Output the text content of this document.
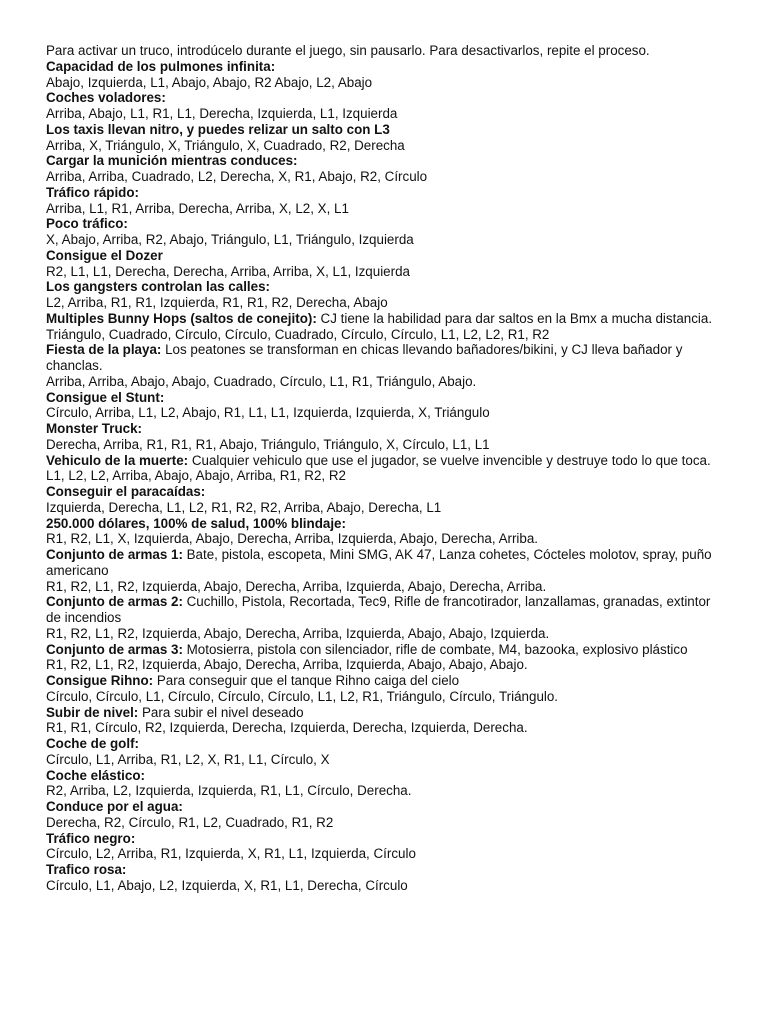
Para activar un truco, introdúcelo durante el juego, sin pausarlo. Para desactivarlos, repite el proceso.

Capacidad de los pulmones infinita:

Abajo, Izquierda, L1, Abajo, Abajo, R2 Abajo, L2, Abajo

Coches voladores:

Arriba, Abajo, L1, R1, L1, Derecha, Izquierda, L1, Izquierda

Los taxis llevan nitro, y puedes relizar un salto con L3

Arriba, X, Triángulo, X, Triángulo, X, Cuadrado, R2, Derecha

Cargar la munición mientras conduces:

Arriba, Arriba, Cuadrado, L2, Derecha, X, R1, Abajo, R2, Círculo

Tráfico rápido:

Arriba, L1, R1, Arriba, Derecha, Arriba, X, L2, X, L1

Poco tráfico:

X, Abajo, Arriba, R2, Abajo, Triángulo, L1, Triángulo, Izquierda

Consigue el Dozer

R2, L1, L1, Derecha, Derecha, Arriba, Arriba, X, L1, Izquierda

Los gangsters controlan las calles:

L2, Arriba, R1, R1, Izquierda, R1, R1, R2, Derecha, Abajo

Multiples Bunny Hops (saltos de conejito): CJ tiene la habilidad para dar saltos en la Bmx a mucha distancia.

Triángulo, Cuadrado, Círculo, Círculo, Cuadrado, Círculo, Círculo, L1, L2, L2, R1, R2

Fiesta de la playa: Los peatones se transforman en chicas llevando bañadores/bikini, y CJ lleva bañador y chanclas.

Arriba, Arriba, Abajo, Abajo, Cuadrado, Círculo, L1, R1, Triángulo, Abajo.

Consigue el Stunt:

Círculo, Arriba, L1, L2, Abajo, R1, L1, L1, Izquierda, Izquierda, X, Triángulo

Monster Truck:

Derecha, Arriba, R1, R1, R1, Abajo, Triángulo, Triángulo, X, Círculo, L1, L1

Vehiculo de la muerte: Cualquier vehiculo que use el jugador, se vuelve invencible y destruye todo lo que toca.

L1, L2, L2, Arriba, Abajo, Abajo, Arriba, R1, R2, R2

Conseguir el paracaídas:

Izquierda, Derecha, L1, L2, R1, R2, R2, Arriba, Abajo, Derecha, L1

250.000 dólares, 100% de salud, 100% blindaje:

R1, R2, L1, X, Izquierda, Abajo, Derecha, Arriba, Izquierda, Abajo, Derecha, Arriba.

Conjunto de armas 1: Bate, pistola, escopeta, Mini SMG, AK 47, Lanza cohetes, Cócteles molotov, spray, puño americano

R1, R2, L1, R2, Izquierda, Abajo, Derecha, Arriba, Izquierda, Abajo, Derecha, Arriba.

Conjunto de armas 2: Cuchillo, Pistola, Recortada, Tec9, Rifle de francotirador, lanzallamas, granadas, extintor de incendios

R1, R2, L1, R2, Izquierda, Abajo, Derecha, Arriba, Izquierda, Abajo, Abajo, Izquierda.

Conjunto de armas 3: Motosierra, pistola con silenciador, rifle de combate, M4, bazooka, explosivo plástico

R1, R2, L1, R2, Izquierda, Abajo, Derecha, Arriba, Izquierda, Abajo, Abajo, Abajo.

Consigue Rihno: Para conseguir que el tanque Rihno caiga del cielo

Círculo, Círculo, L1, Círculo, Círculo, Círculo, L1, L2, R1, Triángulo, Círculo, Triángulo.

Subir de nivel: Para subir el nivel deseado

R1, R1, Círculo, R2, Izquierda, Derecha, Izquierda, Derecha, Izquierda, Derecha.

Coche de golf:

Círculo, L1, Arriba, R1, L2, X, R1, L1, Círculo, X

Coche elástico:

R2, Arriba, L2, Izquierda, Izquierda, R1, L1, Círculo, Derecha.

Conduce por el agua:

Derecha, R2, Círculo, R1, L2, Cuadrado, R1, R2

Tráfico negro:

Círculo, L2, Arriba, R1, Izquierda, X, R1, L1, Izquierda, Círculo

Trafico rosa:

Círculo, L1, Abajo, L2, Izquierda, X, R1, L1, Derecha, Círculo
